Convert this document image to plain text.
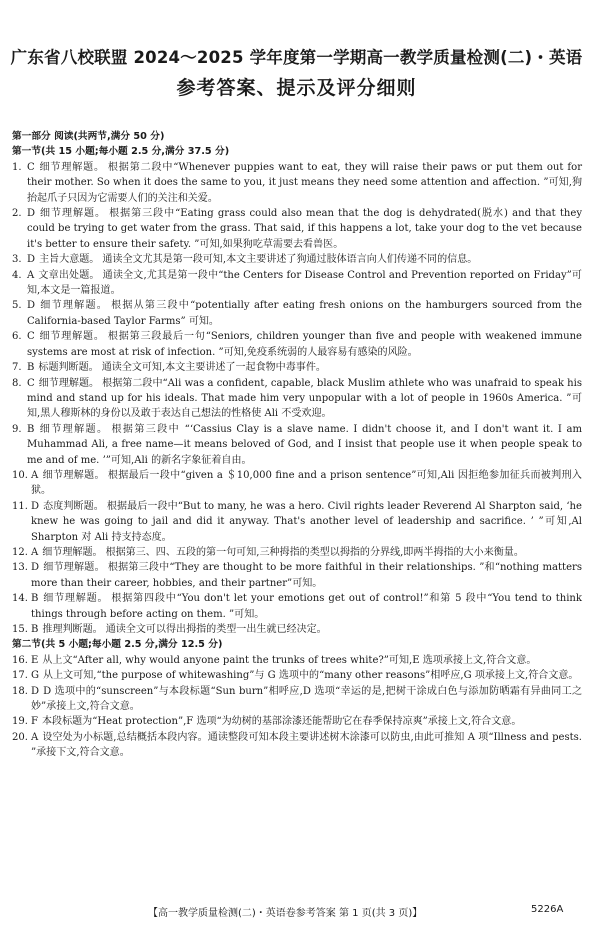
广东省八校联盟 2024～2025 学年度第一学期高一教学质量检测(二)・英语
参考答案、提示及评分细则
第一部分 阅读(共两节,满分 50 分)
第一节(共 15 小题;每小题 2.5 分,满分 37.5 分)
1. C 细节理解题。 根据第二段中“Whenever puppies want to eat, they will raise their paws or put them out for their mother. So when it does the same to you, it just means they need some attention and affection. ”可知,狗抬起爪子只因为它需要人们的关注和关爱。
2. D 细节理解题。 根据第三段中“Eating grass could also mean that the dog is dehydrated(脱水) and that they could be trying to get water from the grass. That said, if this happens a lot, take your dog to the vet because it's better to ensure their safety. ”可知,如果狗吃草需要去看兽医。
3. D 主旨大意题。 通读全文尤其是第一段可知,本文主要讲述了狗通过肢体语言向人们传递不同的信息。
4. A 文章出处题。 通读全文,尤其是第一段中“the Centers for Disease Control and Prevention reported on Friday”可知,本文是一篇报道。
5. D 细节理解题。 根据从第三段中“potentially after eating fresh onions on the hamburgers sourced from the California-based Taylor Farms” 可知。
6. C 细节理解题。 根据第三段最后一句“Seniors, children younger than five and people with weakened immune systems are most at risk of infection. ”可知,免疫系统弱的人最容易有感染的风险。
7. B 标题判断题。 通读全文可知,本文主要讲述了一起食物中毒事件。
8. C 细节理解题。 根据第二段中“Ali was a confident, capable, black Muslim athlete who was unafraid to speak his mind and stand up for his ideals. That made him very unpopular with a lot of people in 1960s America. ”可知,黑人穆斯林的身份以及敢于表达自己想法的性格使 Ali 不受欢迎。
9. B 细节理解题。 根据第三段中 “‘Cassius Clay is a slave name. I didn't choose it, and I don't want it. I am Muhammad Ali, a free name—it means beloved of God, and I insist that people use it when people speak to me and of me. ’”可知,Ali 的新名字象征着自由。
10. A 细节理解题。 根据最后一段中“given a ＄10,000 fine and a prison sentence”可知,Ali 因拒绝参加征兵而被判刑入狱。
11. D 态度判断题。 根据最后一段中“But to many, he was a hero. Civil rights leader Reverend Al Sharpton said, ‘he knew he was going to jail and did it anyway. That's another level of leadership and sacrifice. ’ ”可知,Al Sharpton 对 Ali 持支持态度。
12. A 细节理解题。 根据第三、四、五段的第一句可知,三种拇指的类型以拇指的分界线,即两半拇指的大小来衡量。
13. D 细节理解题。 根据第三段中“They are thought to be more faithful in their relationships. ”和“nothing matters more than their career, hobbies, and their partner”可知。
14. B 细节理解题。 根据第四段中“You don't let your emotions get out of control!”和第 5 段中“You tend to think things through before acting on them. ”可知。
15. B 推理判断题。 通读全文可以得出拇指的类型一出生就已经决定。
第二节(共 5 小题;每小题 2.5 分,满分 12.5 分)
16. E 从上文“After all, why would anyone paint the trunks of trees white?”可知,E 选项承接上文,符合文意。
17. G 从上文可知,“the purpose of whitewashing”与 G 选项中的“many other reasons”相呼应,G 项承接上文,符合文意。
18. D D 选项中的“sunscreen”与本段标题“Sun burn”相呼应,D 选项“幸运的是,把树干涂成白色与添加防晒霜有异曲同工之妙”承接上文,符合文意。
19. F 本段标题为“Heat protection”,F 选项“为幼树的基部涂漆还能帮助它在春季保持凉爽”承接上文,符合文意。
20. A 设空处为小标题,总结概括本段内容。通读整段可知本段主要讲述树木涂漆可以防虫,由此可推知 A 项“Illness and pests. ”承接下文,符合文意。
【高一教学质量检测(二)・英语卷参考答案 第 1 页(共 3 页)】	5226A
